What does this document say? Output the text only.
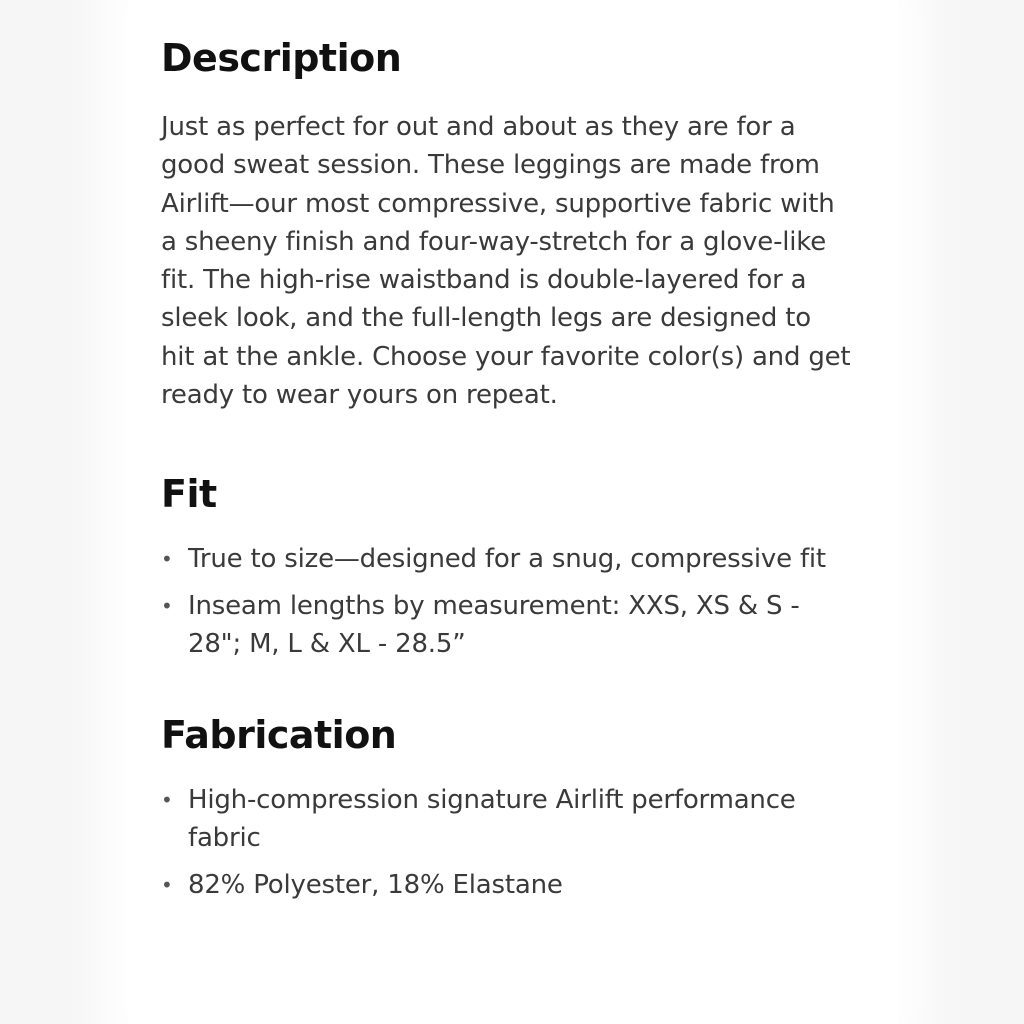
Description

Just as perfect for out and about as they are for a good sweat session. These leggings are made from Airlift—our most compressive, supportive fabric with a sheeny finish and four-way-stretch for a glove-like fit. The high-rise waistband is double-layered for a sleek look, and the full-length legs are designed to hit at the ankle. Choose your favorite color(s) and get ready to wear yours on repeat.

Fit
• True to size—designed for a snug, compressive fit
• Inseam lengths by measurement: XXS, XS & S - 28"; M, L & XL - 28.5”
Fabrication
• High-compression signature Airlift performance fabric
• 82% Polyester, 18% Elastane
